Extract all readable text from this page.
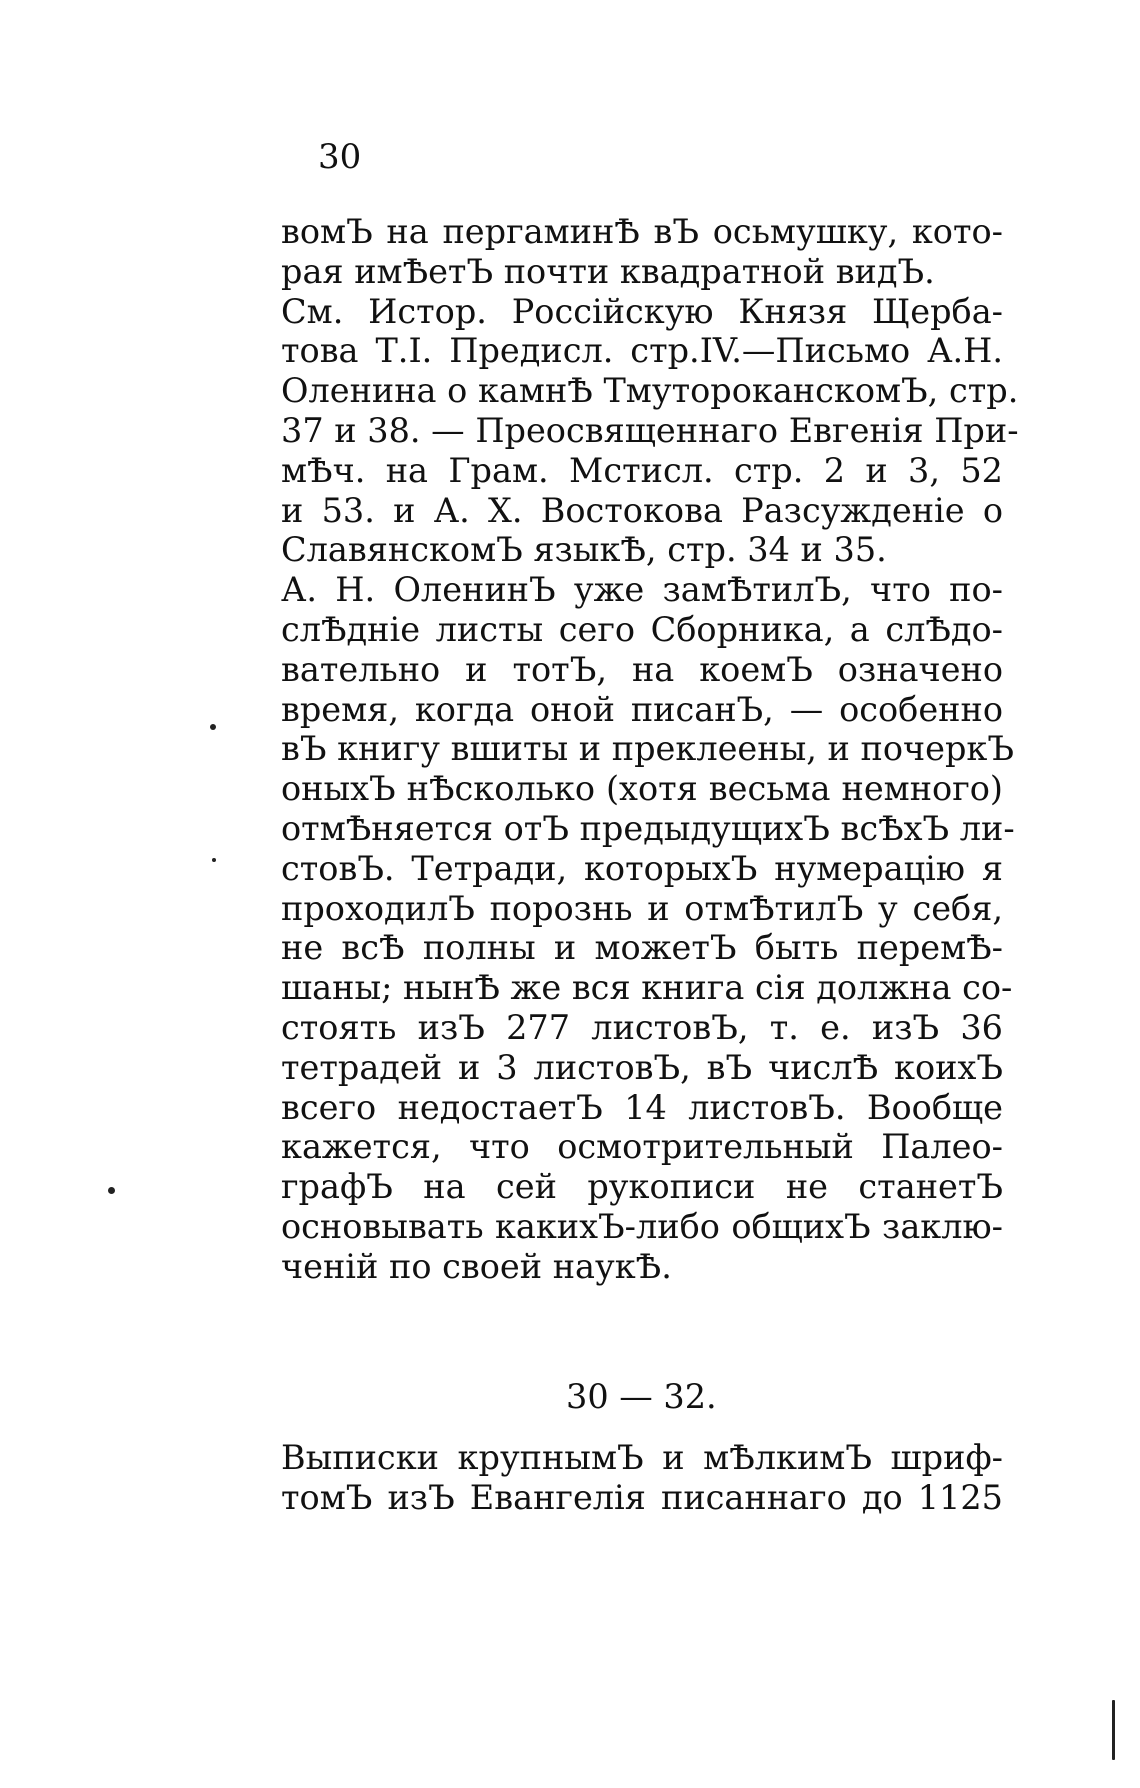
30
вомЪ на пергаминѢ вЪ осьмушку, кото-
рая имѢетЪ почти квадратной видЪ.
См. Истор. Россійскую Князя Щерба-
това Т.I. Предисл. стр.IV.—Письмо А.Н.
Оленина о камнѢ ТмутороканскомЪ, стр.
37 и 38. — Преосвященнаго Евгенія При-
мѢч. на Грам. Мстисл. стр. 2 и 3, 52
и 53. и А. Х. Востокова Разсужденіе о
СлавянскомЪ языкѢ, стр. 34 и 35.
А. Н. ОленинЪ уже замѢтилЪ, что по-
слѢдніе листы сего Сборника, а слѢдо-
вательно и тотЪ, на коемЪ означено
время, когда оной писанЪ, — особенно
вЪ книгу вшиты и преклеены, и почеркЪ
оныхЪ нѢсколько (хотя весьма немного)
отмѢняется отЪ предыдущихЪ всѢхЪ ли-
стовЪ. Тетради, которыхЪ нумерацію я
проходилЪ порознь и отмѢтилЪ у себя,
не всѢ полны и можетЪ быть перемѢ-
шаны; нынѢ же вся книга сія должна со-
стоять изЪ 277 листовЪ, т. е. изЪ 36
тетрадей и 3 листовЪ, вЪ числѢ коихЪ
всего недостаетЪ 14 листовЪ. Вообще
кажется, что осмотрительный Палео-
графЪ на сей рукописи не станетЪ
основывать какихЪ-либо общихЪ заклю-
ченій по своей наукѢ.
30 — 32.
Выписки крупнымЪ и мѢлкимЪ шриф-
томЪ изЪ Евангелія писаннаго до 1125
